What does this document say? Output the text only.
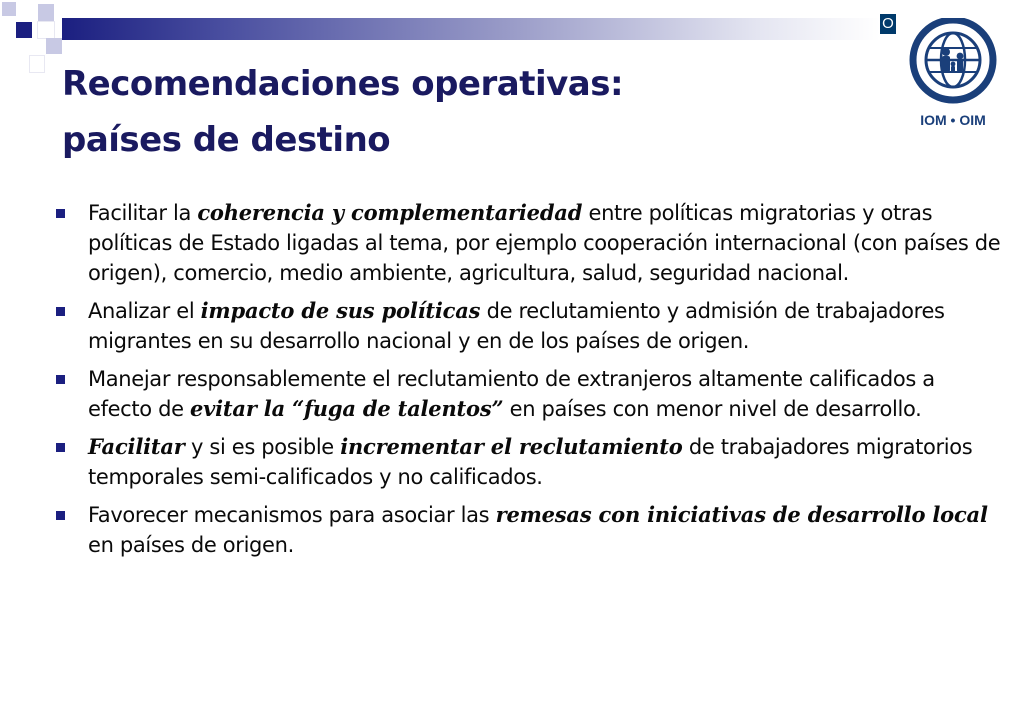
O
IOM • OIM
Recomendaciones operativas:
países de destino
Facilitar la coherencia y complementariedad entre políticas migratorias y otras políticas de Estado ligadas al tema, por ejemplo cooperación internacional (con países de origen), comercio, medio ambiente, agricultura, salud, seguridad nacional.
Analizar el impacto de sus políticas de reclutamiento y admisión de trabajadores migrantes en su desarrollo nacional y en de los países de origen.
Manejar responsablemente el reclutamiento de extranjeros altamente calificados a efecto de evitar la “fuga de talentos” en países con menor nivel de desarrollo.
Facilitar y si es posible incrementar el reclutamiento de trabajadores migratorios temporales semi-calificados y no calificados.
Favorecer mecanismos para asociar las remesas con iniciativas de desarrollo local en países de origen.
